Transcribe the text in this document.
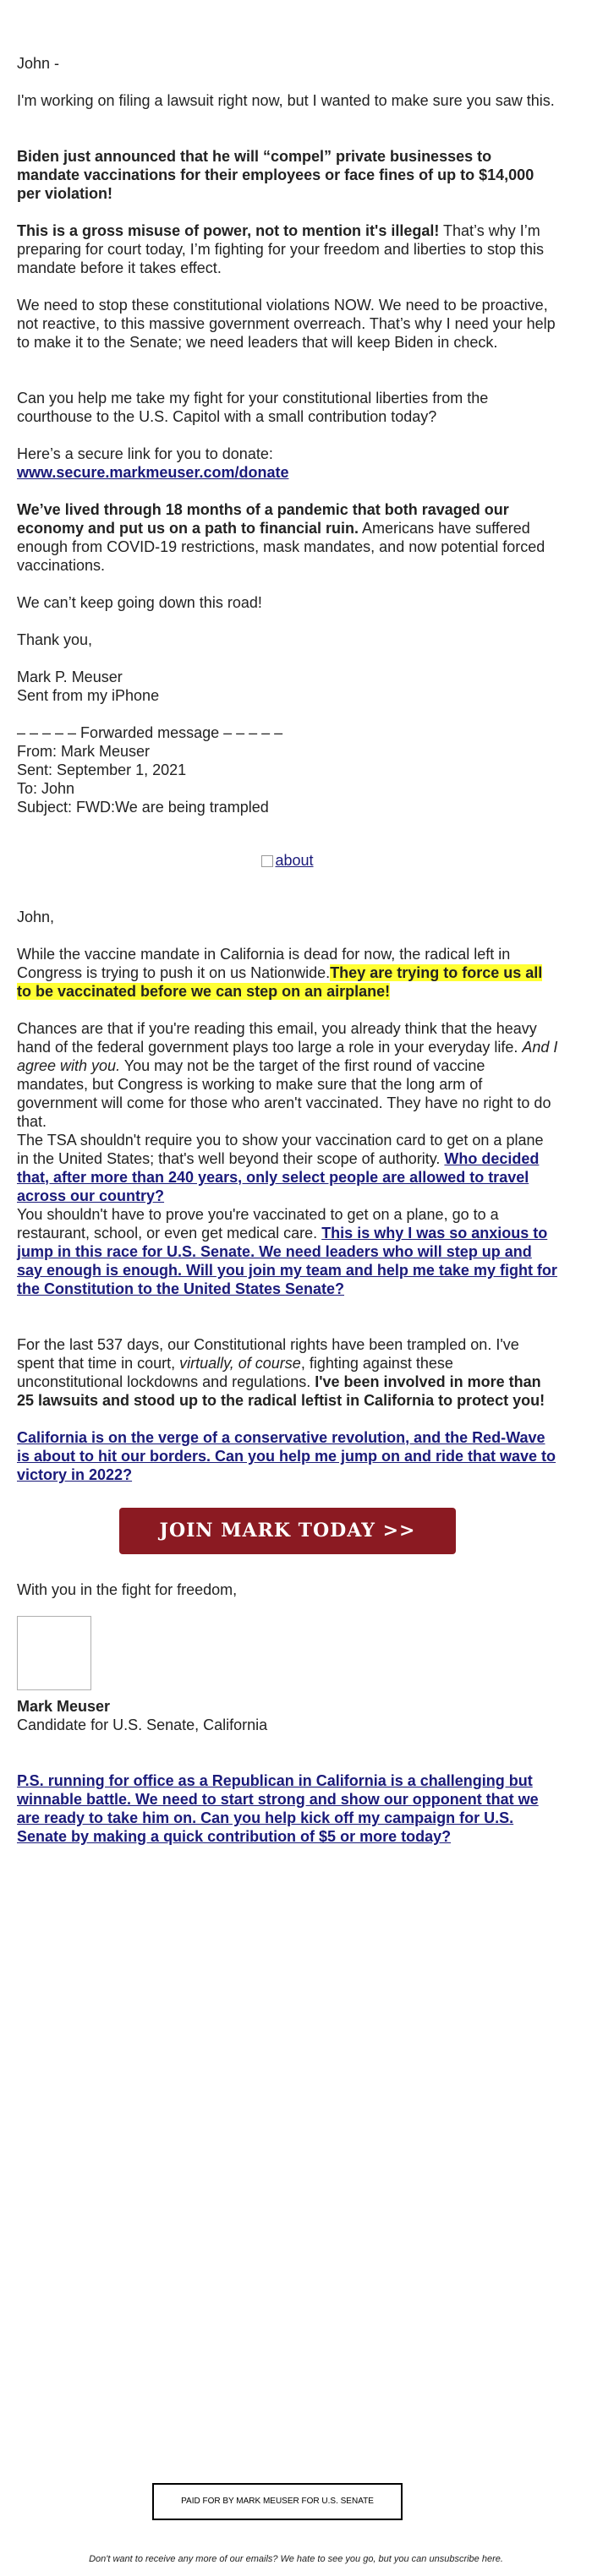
John -

I'm working on filing a lawsuit right now, but I wanted to make sure you saw this.

Biden just announced that he will “compel” private businesses to mandate vaccinations for their employees or face fines of up to $14,000 per violation!

This is a gross misuse of power, not to mention it's illegal! That’s why I’m preparing for court today, I’m fighting for your freedom and liberties to stop this mandate before it takes effect.

We need to stop these constitutional violations NOW. We need to be proactive, not reactive, to this massive government overreach. That’s why I need your help to make it to the Senate; we need leaders that will keep Biden in check.

Can you help me take my fight for your constitutional liberties from the courthouse to the U.S. Capitol with a small contribution today?

Here’s a secure link for you to donate:
www.secure.markmeuser.com/donate

We’ve lived through 18 months of a pandemic that both ravaged our economy and put us on a path to financial ruin. Americans have suffered enough from COVID-19 restrictions, mask mandates, and now potential forced vaccinations.

We can’t keep going down this road!

Thank you,

Mark P. Meuser

Sent from my iPhone

– – – – – Forwarded message – – – – –

From: Mark Meuser

Sent: September 1, 2021

To: John

Subject: FWD:We are being trampled

about

John,

While the vaccine mandate in California is dead for now, the radical left in Congress is trying to push it on us Nationwide.They are trying to force us all to be vaccinated before we can step on an airplane!

Chances are that if you're reading this email, you already think that the heavy hand of the federal government plays too large a role in your everyday life. And I agree with you. You may not be the target of the first round of vaccine mandates, but Congress is working to make sure that the long arm of government will come for those who aren't vaccinated. They have no right to do that.

The TSA shouldn't require you to show your vaccination card to get on a plane in the United States; that's well beyond their scope of authority. Who decided that, after more than 240 years, only select people are allowed to travel across our country?

You shouldn't have to prove you're vaccinated to get on a plane, go to a restaurant, school, or even get medical care. This is why I was so anxious to jump in this race for U.S. Senate. We need leaders who will step up and say enough is enough. Will you join my team and help me take my fight for the Constitution to the United States Senate?

For the last 537 days, our Constitutional rights have been trampled on. I've spent that time in court, virtually, of course, fighting against these unconstitutional lockdowns and regulations. I've been involved in more than 25 lawsuits and stood up to the radical leftist in California to protect you!

California is on the verge of a conservative revolution, and the Red-Wave is about to hit our borders. Can you help me jump on and ride that wave to victory in 2022?

JOIN MARK TODAY >>

With you in the fight for freedom,

Mark Meuser

Candidate for U.S. Senate, California

P.S. running for office as a Republican in California is a challenging but winnable battle. We need to start strong and show our opponent that we are ready to take him on. Can you help kick off my campaign for U.S. Senate by making a quick contribution of $5 or more today?

PAID FOR BY MARK MEUSER FOR U.S. SENATE
Don't want to receive any more of our emails? We hate to see you go, but you can unsubscribe here.
